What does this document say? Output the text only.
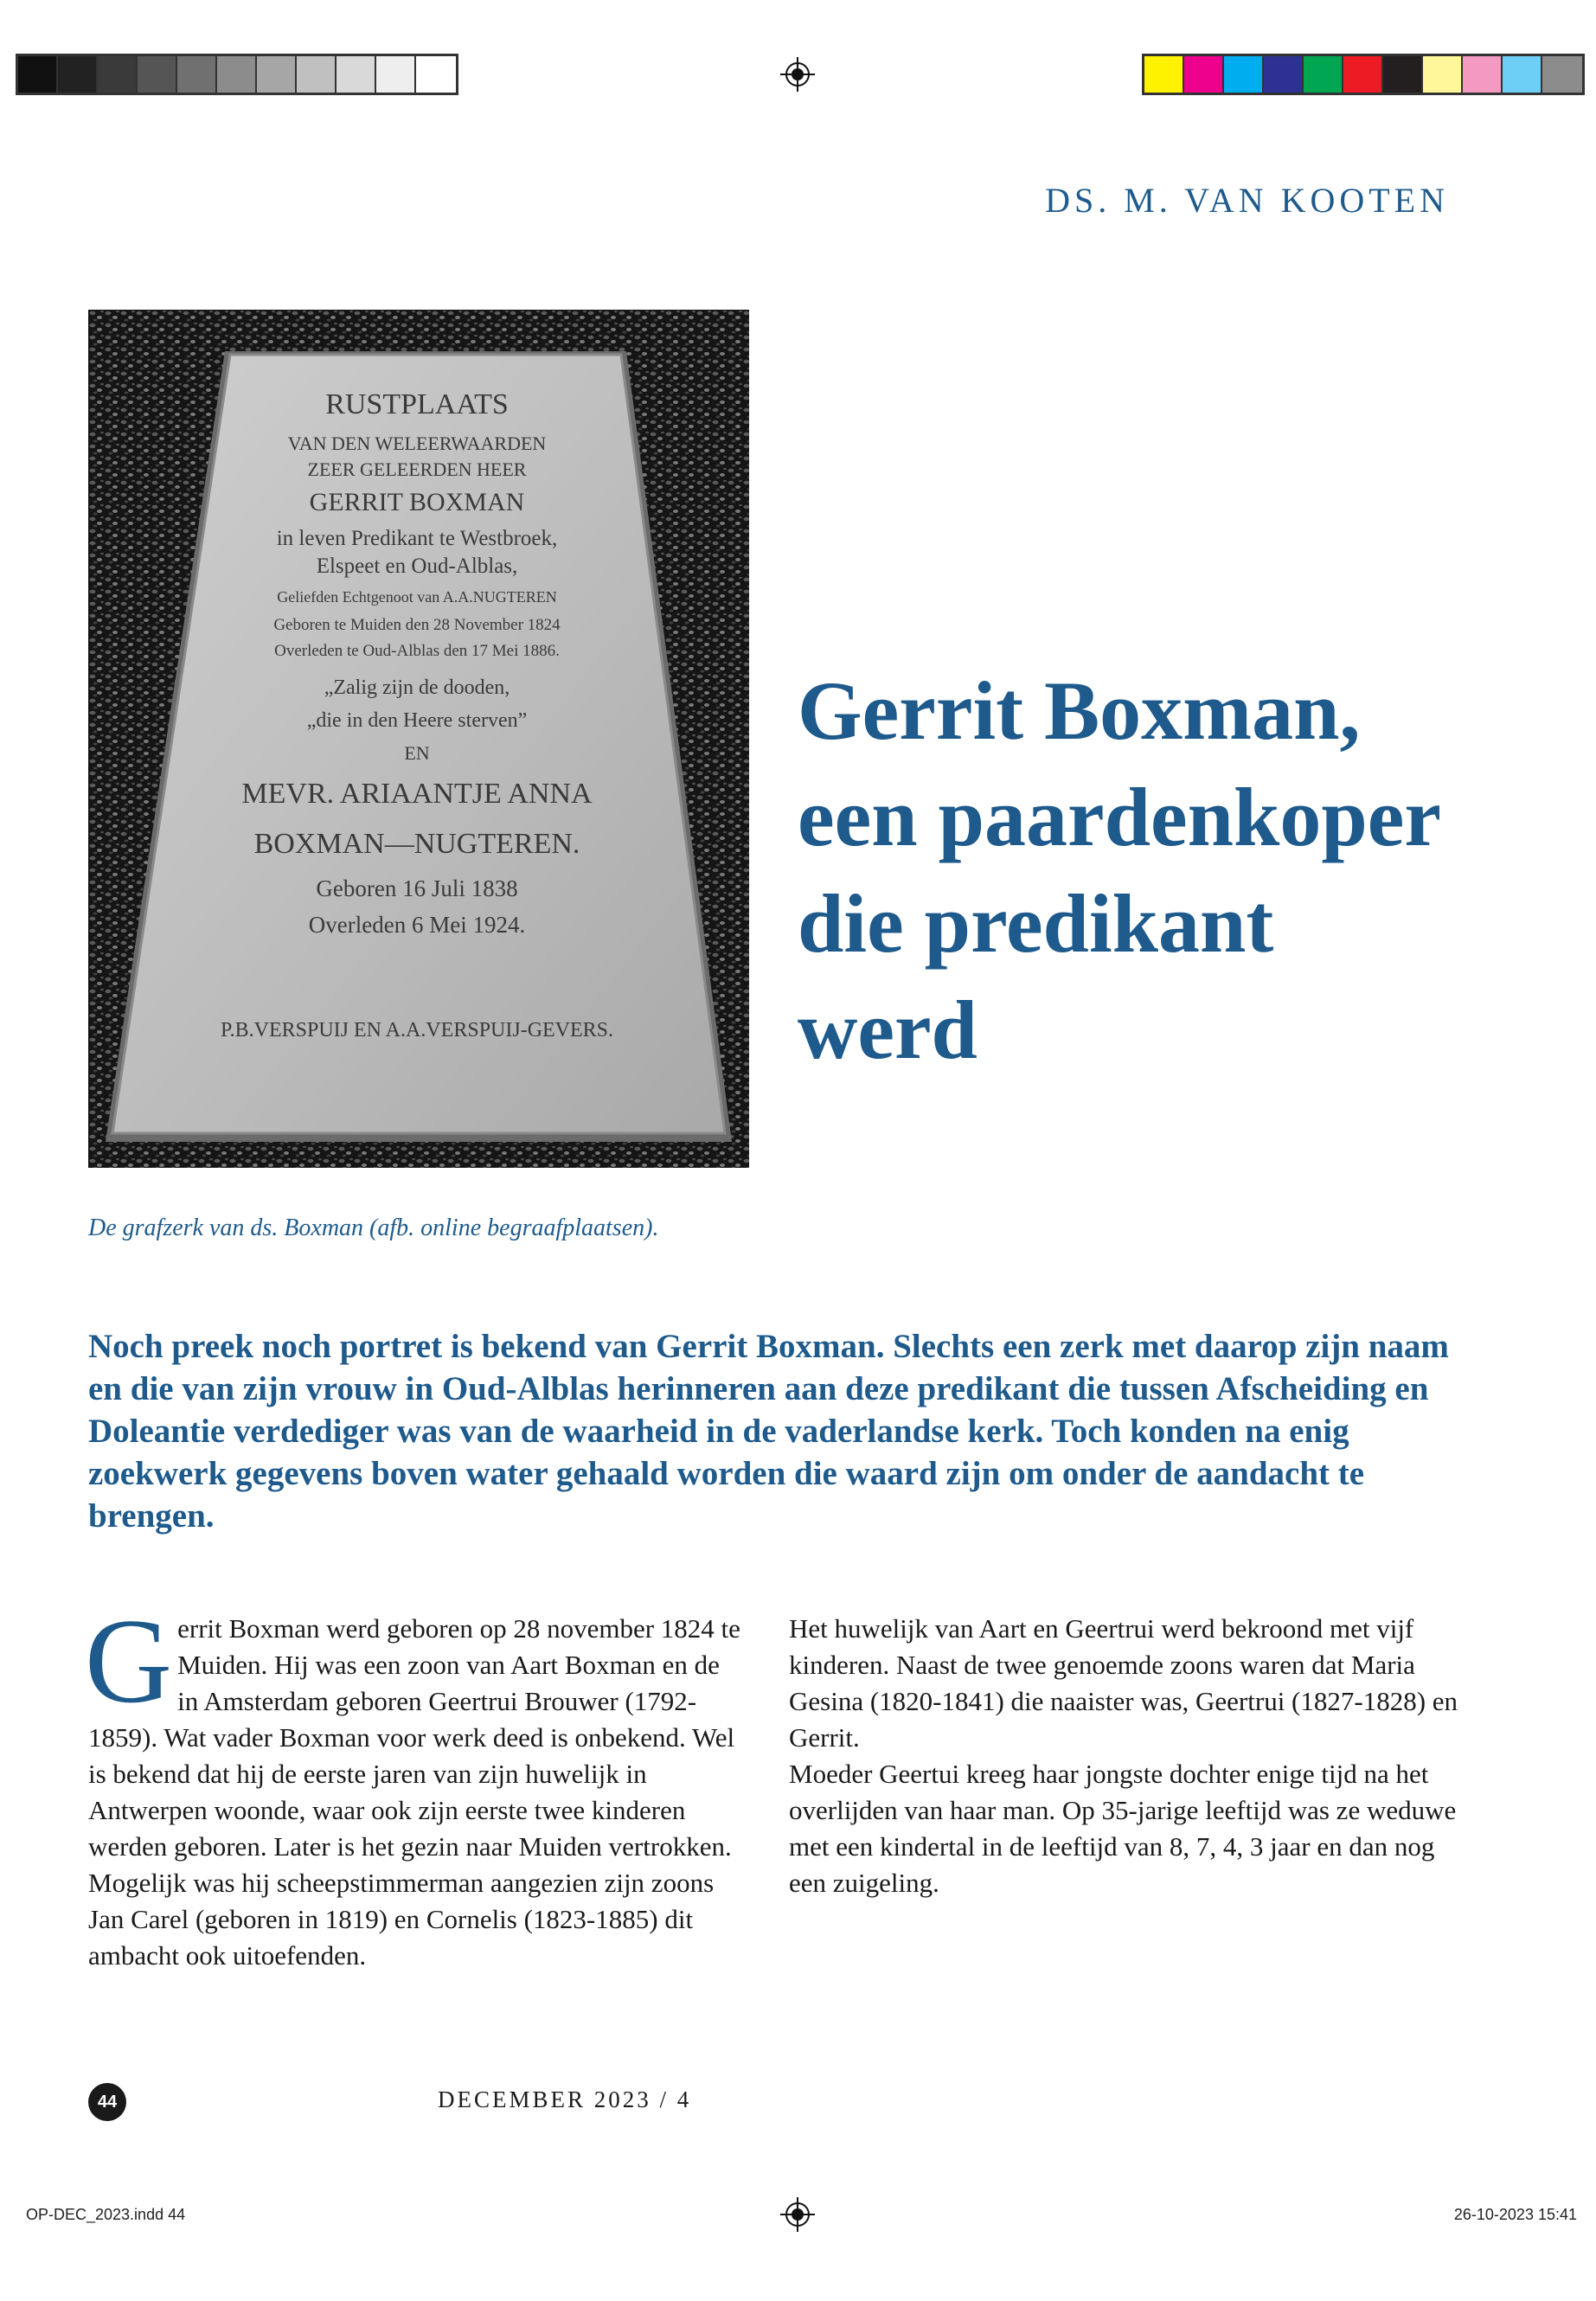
DS. M. VAN KOOTEN
RUSTPLAATS
VAN DEN WELEERWAARDEN
ZEER GELEERDEN HEER
GERRIT BOXMAN
in leven Predikant te Westbroek,
Elspeet en Oud-Alblas,
Geliefden Echtgenoot van A.A.NUGTEREN
Geboren te Muiden den 28 November 1824
Overleden te Oud-Alblas den 17 Mei 1886.
„Zalig zijn de dooden,
„die in den Heere sterven”
EN
MEVR. ARIAANTJE ANNA
BOXMAN—NUGTEREN.
Geboren 16 Juli 1838
Overleden 6 Mei 1924.
P.B.VERSPUIJ EN A.A.VERSPUIJ-GEVERS.
De grafzerk van ds. Boxman (afb. online begraafplaatsen).
Gerrit Boxman, een paardenkoper die predikant werd

Noch preek noch portret is bekend van Gerrit Boxman. Slechts een zerk met daarop zijn naam en die van zijn vrouw in Oud-Alblas herinneren aan deze predikant die tussen Afscheiding en Doleantie verdediger was van de waarheid in de vaderlandse kerk. Toch konden na enig zoekwerk gegevens boven water gehaald worden die waard zijn om onder de aandacht te brengen.

G errit Boxman werd geboren op 28 november 1824 te Muiden. Hij was een zoon van Aart Boxman en de in Amsterdam geboren Geertrui Brouwer (1792-1859). Wat vader Boxman voor werk deed is onbekend. Wel is bekend dat hij de eerste jaren van zijn huwelijk in Antwerpen woonde, waar ook zijn eerste twee kinderen werden geboren. Later is het gezin naar Muiden vertrokken. Mogelijk was hij scheepstimmerman aangezien zijn zoons Jan Carel (geboren in 1819) en Cornelis (1823-1885) dit ambacht ook uitoefenden.

Het huwelijk van Aart en Geertrui werd bekroond met vijf kinderen. Naast de twee genoemde zoons waren dat Maria Gesina (1820-1841) die naaister was, Geertrui (1827-1828) en Gerrit.

Moeder Geertui kreeg haar jongste dochter enige tijd na het overlijden van haar man. Op 35-jarige leeftijd was ze weduwe met een kindertal in de leeftijd van 8, 7, 4, 3 jaar en dan nog een zuigeling.

44	DECEMBER 2023 / 4
OP-DEC_2023.indd 44	26-10-2023 15:41
